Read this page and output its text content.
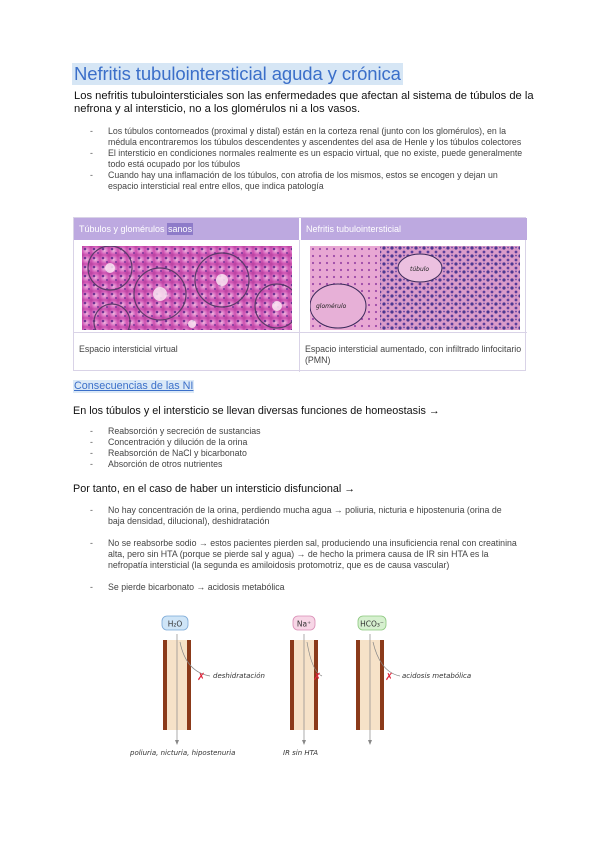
Nefritis tubulointersticial aguda y crónica
Los nefritis tubulointersticiales son las enfermedades que afectan al sistema de túbulos de la nefrona y al intersticio, no a los glomérulos ni a los vasos.
- Los túbulos contorneados (proximal y distal) están en la corteza renal (junto con los glomérulos), en la médula encontraremos los túbulos descendentes y ascendentes del asa de Henle y los túbulos colectores
- El intersticio en condiciones normales realmente es un espacio virtual, que no existe, puede generalmente todo está ocupado por los túbulos
- Cuando hay una inflamación de los túbulos, con atrofia de los mismos, estos se encogen y dejan un espacio intersticial real entre ellos, que indica patología
Túbulos y glomérulos sanos	Nefritis tubulointersticial
túbulo
glomérulo
Espacio intersticial virtual	Espacio intersticial aumentado, con infiltrado linfocitario (PMN)
Consecuencias de las NI
En los túbulos y el intersticio se llevan diversas funciones de homeostasis →
- Reabsorción y secreción de sustancias
- Concentración y dilución de la orina
- Reabsorción de NaCl y bicarbonato
- Absorción de otros nutrientes
Por tanto, en el caso de haber un intersticio disfuncional →
- No hay concentración de la orina, perdiendo mucha agua → poliuria, nicturia e hipostenuria (orina de baja densidad, dilucional), deshidratación
- No se reabsorbe sodio → estos pacientes pierden sal, produciendo una insuficiencia renal con creatinina alta, pero sin HTA (porque se pierde sal y agua) → de hecho la primera causa de IR sin HTA es la nefropatía intersticial (la segunda es amiloidosis protomotriz, que es de causa vascular)
- Se pierde bicarbonato → acidosis metabólica
H₂O
✗ deshidratación
poliuria, nicturia, hipostenuria
Na⁺
✗
IR sin HTA
HCO₃⁻
✗ acidosis metabólica
